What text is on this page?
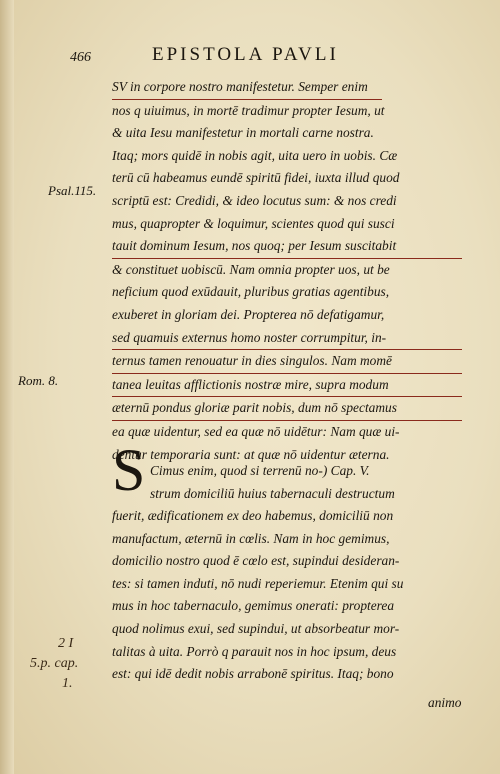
466	EPISTOLA PAVLI
Psal.115.
Rom. 8.
2 I
5.p. cap.
1.
SV in corpore nostro manifestetur. Semper enim
nos q uiuimus, in mortē tradimur propter Iesum, ut
& uita Iesu manifestetur in mortali carne nostra.
Itaq; mors quidē in nobis agit, uita uero in uobis. Cæ
terū cū habeamus eundē spiritū fidei, iuxta illud quod
scriptū est: Credidi, & ideo locutus sum: & nos credi
mus, quapropter & loquimur, scientes quod qui susci
tauit dominum Iesum, nos quoq; per Iesum suscitabit
& constituet uobiscū. Nam omnia propter uos, ut be
neficium quod exūdauit, pluribus gratias agentibus,
exuberet in gloriam dei. Propterea nō defatigamur,
sed quamuis externus homo noster corrumpitur, in-
ternus tamen renouatur in dies singulos. Nam momē
tanea leuitas afflictionis nostræ mire, supra modum
æternū pondus gloriæ parit nobis, dum nō spectamus
ea quæ uidentur, sed ea quæ nō uidētur: Nam quæ ui-
dentur temporaria sunt: at quæ nō uidentur æterna.
S Cimus enim, quod si terrenū no-) Cap. V.
strum domiciliū huius tabernaculi destructum
fuerit, ædificationem ex deo habemus, domiciliū non
manufactum, æternū in cœlis. Nam in hoc gemimus,
domicilio nostro quod ē cœlo est, supindui desideran-
tes: si tamen induti, nō nudi reperiemur. Etenim qui su
mus in hoc tabernaculo, gemimus onerati: propterea
quod nolimus exui, sed supindui, ut absorbeatur mor-
talitas à uita. Porrò q parauit nos in hoc ipsum, deus
est: qui idē dedit nobis arrabonē spiritus. Itaq; bono
animo
